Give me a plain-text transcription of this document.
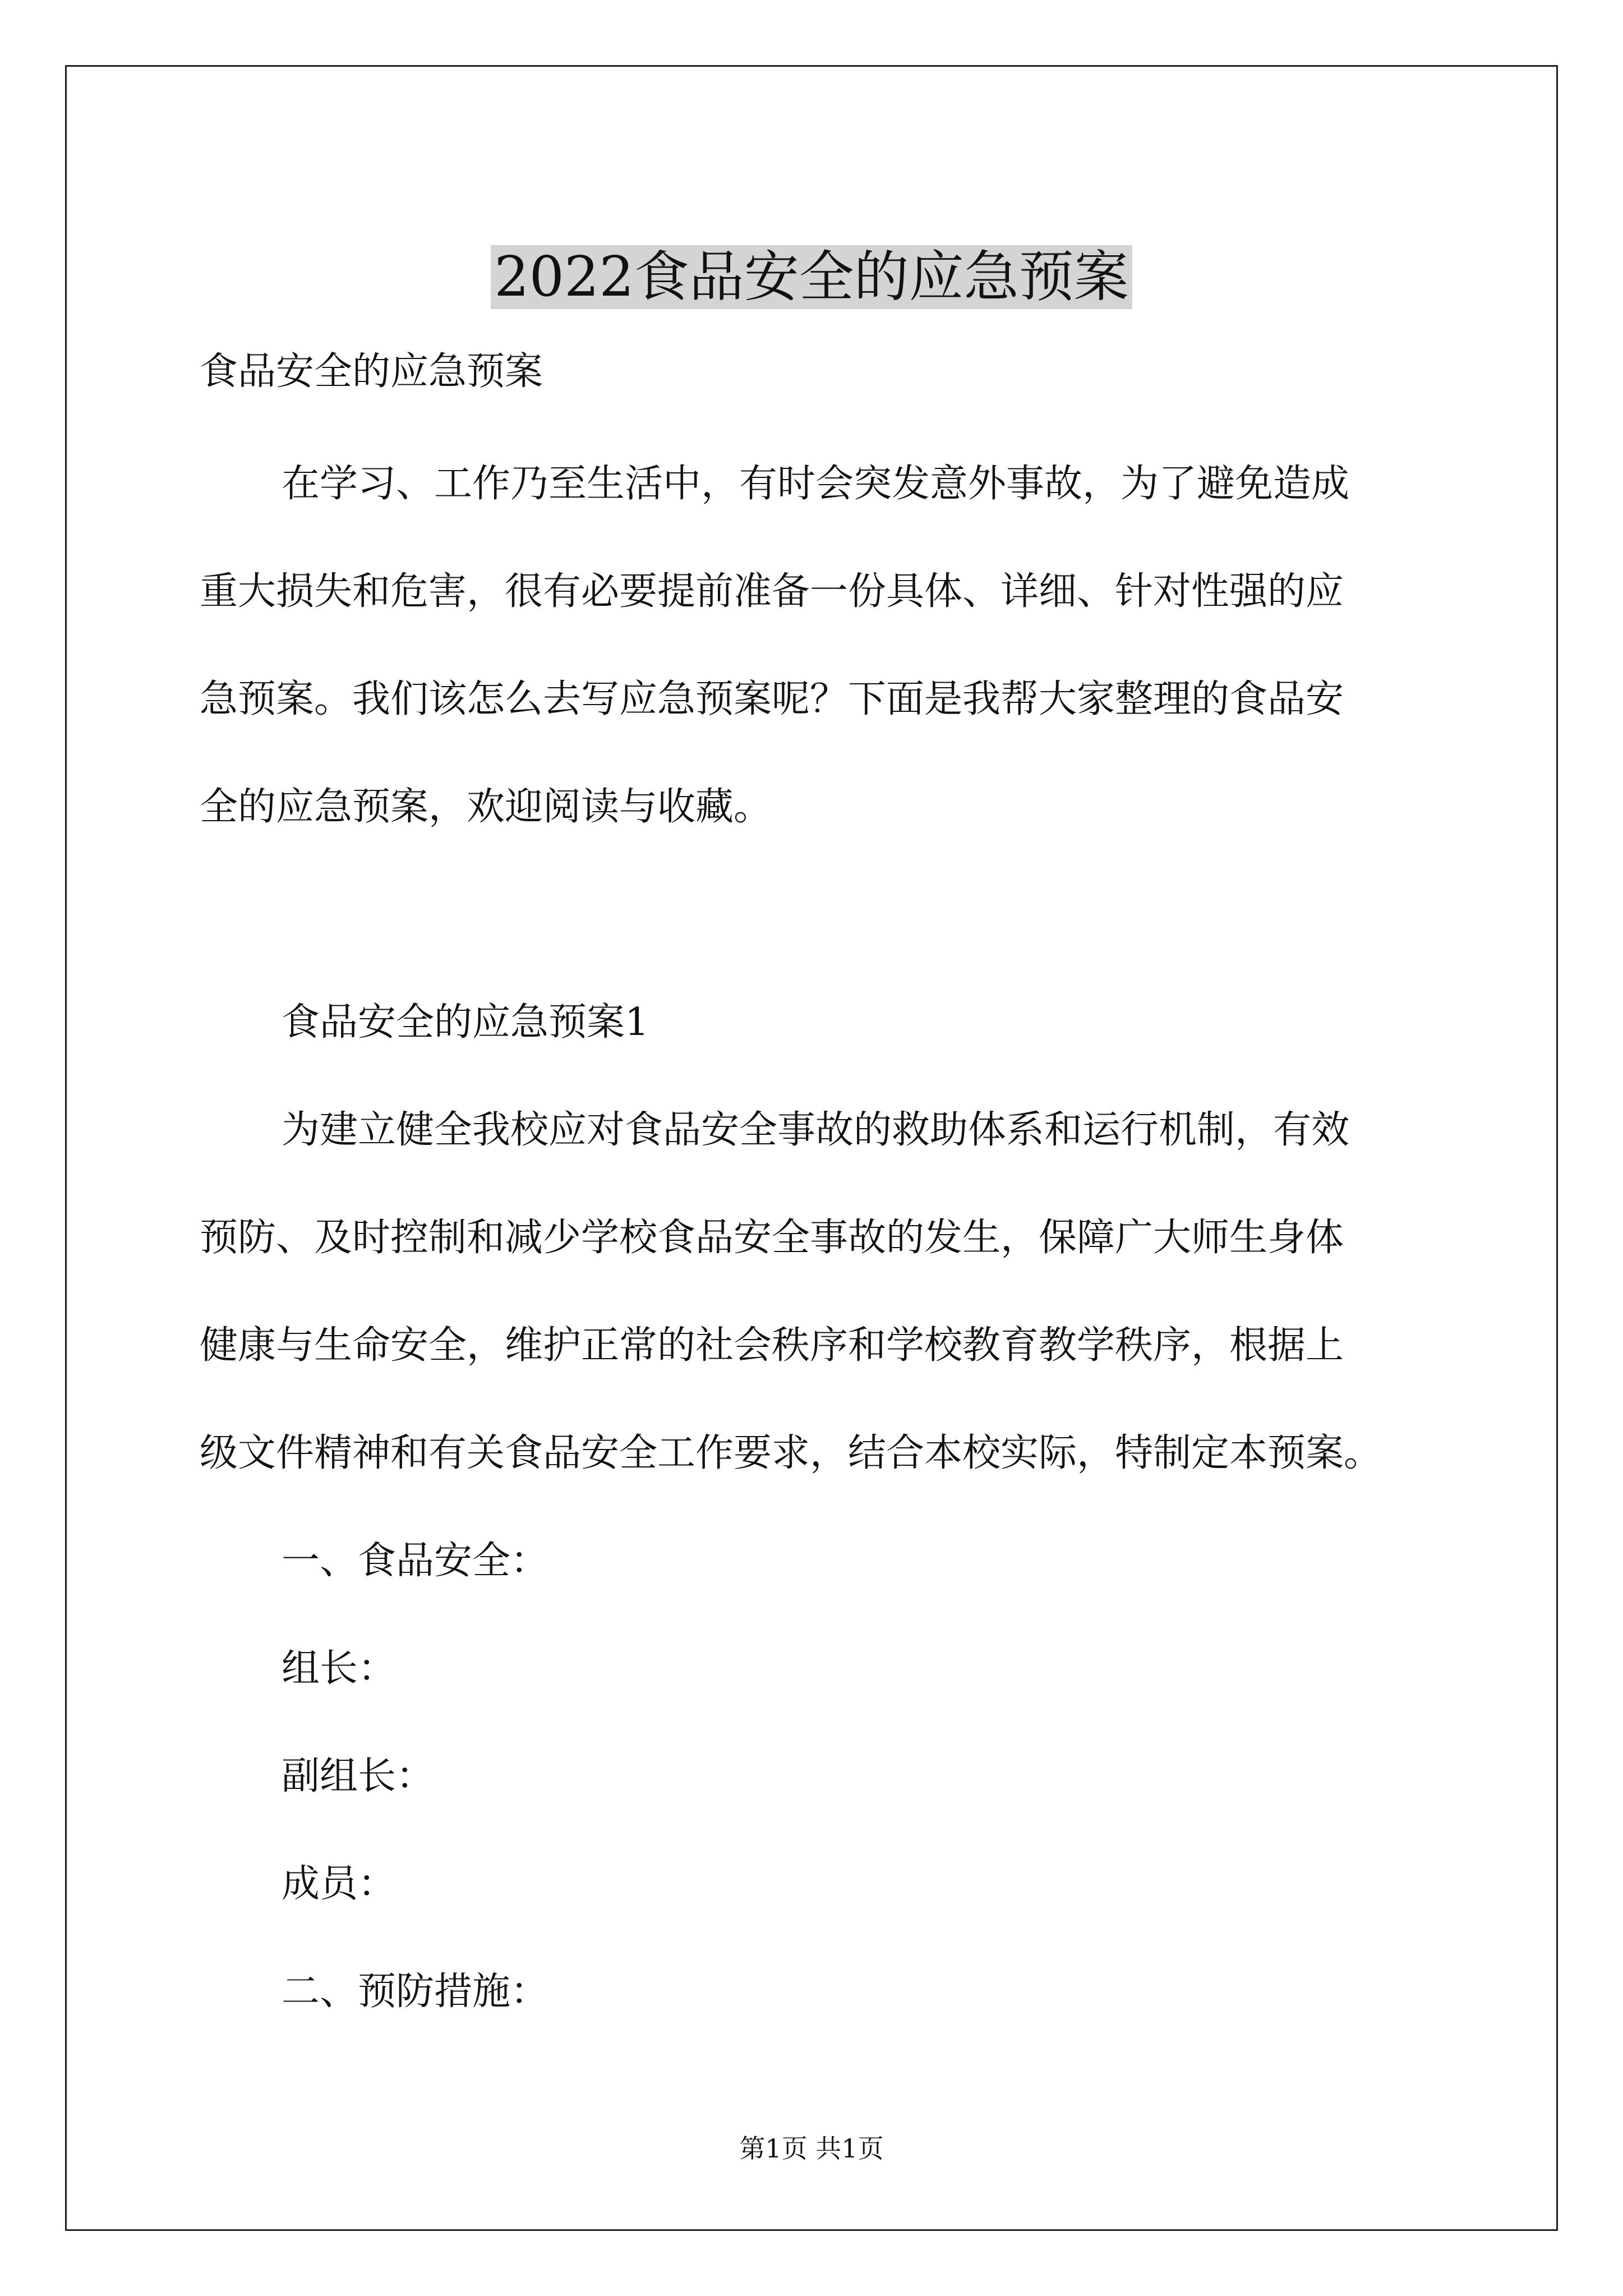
2022食品安全的应急预案
食品安全的应急预案
在学习、工作乃至生活中，有时会突发意外事故，为了避免造成
重大损失和危害，很有必要提前准备一份具体、详细、针对性强的应
急预案。我们该怎么去写应急预案呢？下面是我帮大家整理的食品安
全的应急预案，欢迎阅读与收藏。
食品安全的应急预案1
为建立健全我校应对食品安全事故的救助体系和运行机制，有效
预防、及时控制和减少学校食品安全事故的发生，保障广大师生身体
健康与生命安全，维护正常的社会秩序和学校教育教学秩序，根据上
级文件精神和有关食品安全工作要求，结合本校实际，特制定本预案。
一、食品安全：
组长：
副组长：
成员：
二、预防措施：
第1页 共1页
